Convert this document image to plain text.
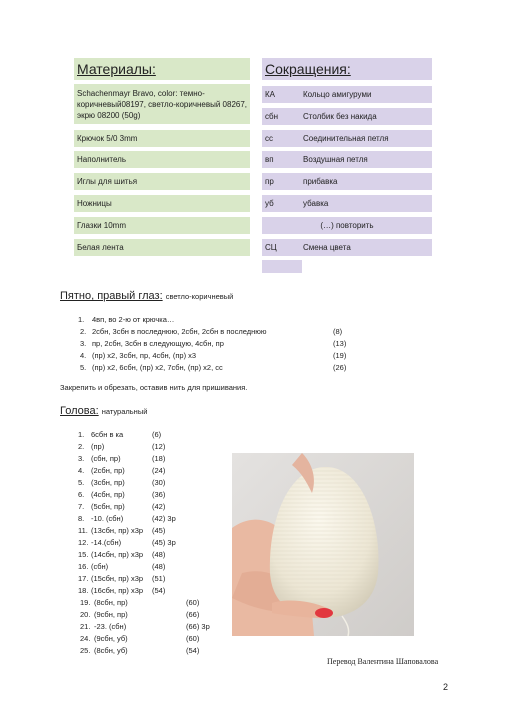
Материалы:
Schachenmayr Bravo, color: темно-коричневый08197, светло-коричневый 08267, экрю 08200 (50g)
Крючок 5/0 3mm
Наполнитель
Иглы для шитья
Ножницы
Глазки 10mm
Белая лента
Сокращения:
КА	Кольцо амигуруми
сбн	Столбик без накида
сс	Соединительная петля
вп	Воздушная петля
пр	прибавка
уб	убавка
(…) повторить
СЦ	Смена цвета
Пятно, правый глаз: светло-коричневый
1. 4вп, во 2-ю от крючка…
2. 2сбн, 3сбн в последнюю, 2сбн, 2сбн в последнюю	(8)
3. пр, 2сбн, 3сбн в следующую, 4сбн, пр	(13)
4. (пр) х2, 3сбн, пр, 4сбн, (пр) х3	(19)
5. (пр) х2, 6сбн, (пр) х2, 7сбн, (пр) х2, сс	(26)
Закрепить и обрезать, оставив нить для пришивания.
Голова: натуральный
1. 6сбн в ка	(6)
2. (пр)	(12)
3. (сбн, пр)	(18)
4. (2сбн, пр)	(24)
5. (3сбн, пр)	(30)
6. (4сбн, пр)	(36)
7. (5сбн, пр)	(42)
8. -10. (сбн)	(42) 3р
11. (13сбн, пр) х3р (45)
12. -14.(сбн)	(45) 3р
15. (14сбн, пр) х3р (48)
16. (сбн)	(48)
17. (15сбн, пр) х3р (51)
18. (16сбн, пр) х3р (54)
19. (8сбн, пр)	(60)
20. (9сбн, пр)	(66)
21. -23. (сбн)	(66) 3р
24. (9сбн, уб)	(60)
25. (8сбн, уб)	(54)
Перевод Валентина Шаповалова
2
